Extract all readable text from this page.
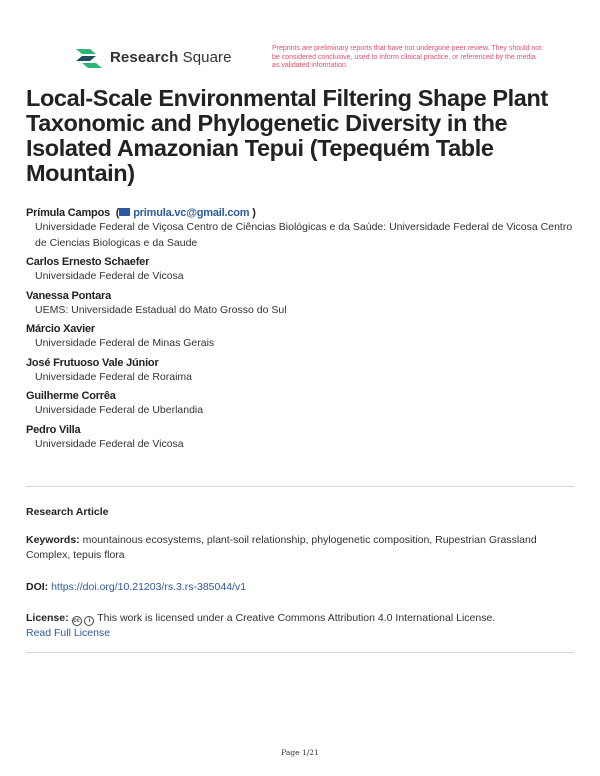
Research Square	Preprints are preliminary reports that have not undergone peer review. They should not be considered conclusive, used to inform clinical practice, or referenced by the media as validated information.
Local-Scale Environmental Filtering Shape Plant Taxonomic and Phylogenetic Diversity in the Isolated Amazonian Tepui (Tepequém Table Mountain)
Prímula Campos  ( primula.vc@gmail.com )
Universidade Federal de Viçosa Centro de Ciências Biológicas e da Saúde: Universidade Federal de Vicosa Centro de Ciencias Biologicas e da Saude
Carlos Ernesto Schaefer
Universidade Federal de Vicosa
Vanessa Pontara
UEMS: Universidade Estadual do Mato Grosso do Sul
Márcio Xavier
Universidade Federal de Minas Gerais
José Frutuoso Vale Júnior
Universidade Federal de Roraima
Guilherme Corrêa
Universidade Federal de Uberlandia
Pedro Villa
Universidade Federal de Vicosa
Research Article
Keywords: mountainous ecosystems, plant-soil relationship, phylogenetic composition, Rupestrian Grassland Complex, tepuis flora
DOI: https://doi.org/10.21203/rs.3.rs-385044/v1
License: cc i This work is licensed under a Creative Commons Attribution 4.0 International License.
Read Full License
Page 1/21
